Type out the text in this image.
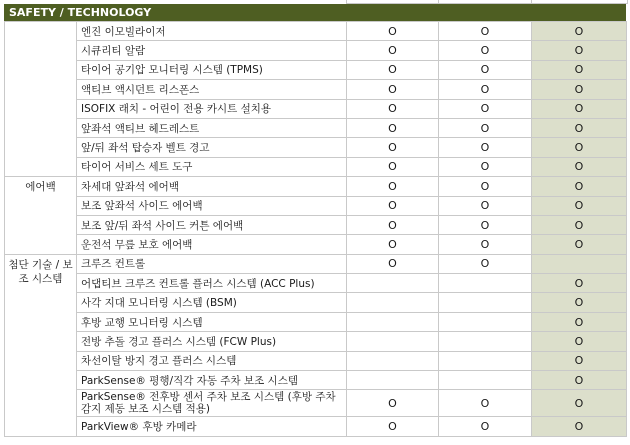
SAFETY / TECHNOLOGY
	엔진 이모빌라이저	O	O	O
	시큐리티 알람	O	O	O
	타이어 공기압 모니터링 시스템 (TPMS)	O	O	O
	액티브 액시던트 리스폰스	O	O	O
	ISOFIX 래치 - 어린이 전용 카시트 설치용	O	O	O
	앞좌석 액티브 헤드레스트	O	O	O
	앞/뒤 좌석 탑승자 벨트 경고	O	O	O
	타이어 서비스 세트 도구	O	O	O
에어백	차세대 앞좌석 에어백	O	O	O
	보조 앞좌석 사이드 에어백	O	O	O
	보조 앞/뒤 좌석 사이드 커튼 에어백	O	O	O
	운전석 무릎 보호 에어백	O	O	O
첨단 기술 / 보조 시스템	크루즈 컨트롤	O	O	
	어댑티브 크루즈 컨트롤 플러스 시스템 (ACC Plus)			O
	사각 지대 모니터링 시스템 (BSM)			O
	후방 교행 모니터링 시스템			O
	전방 추돌 경고 플러스 시스템 (FCW Plus)			O
	차선이탈 방지 경고 플러스 시스템			O
	ParkSense® 평행/직각 자동 주차 보조 시스템			O

	ParkSense® 전후방 센서 주차 보조 시스템 (후방 주차 감지 제동 보조 시스템 적용)	O	O	O
	ParkView® 후방 카메라	O	O	O
